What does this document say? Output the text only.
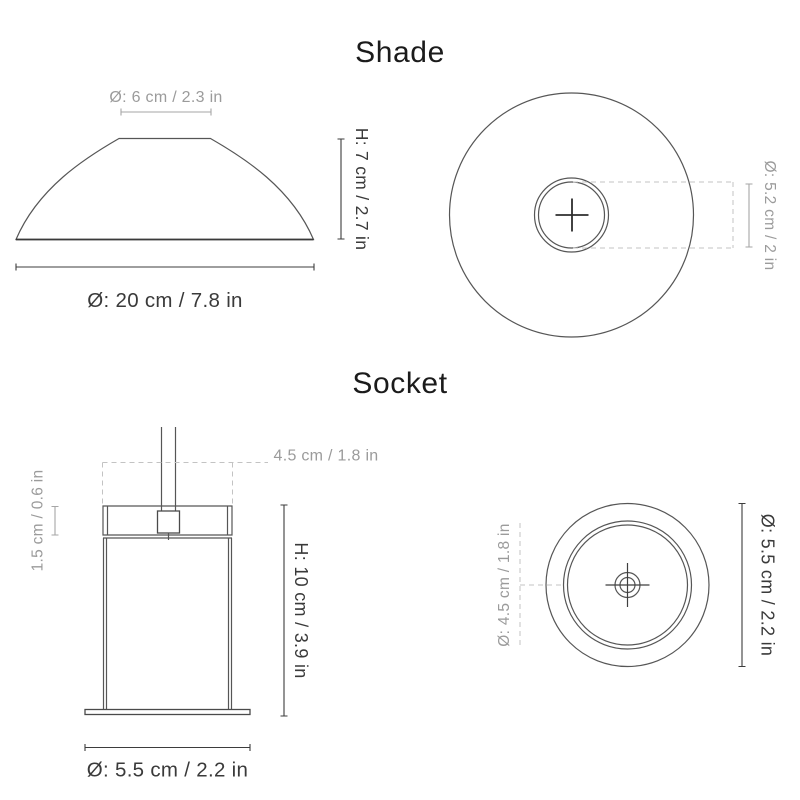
Shade
Ø: 6 cm / 2.3 in
H: 7 cm / 2.7 in
Ø: 20 cm / 7.8 in
Ø: 5.2 cm / 2 in
Socket
4.5 cm / 1.8 in
1.5 cm / 0.6 in
H: 10 cm / 3.9 in
Ø: 5.5 cm / 2.2 in
Ø: 4.5 cm / 1.8 in	Ø: 5.5 cm / 2.2 in
